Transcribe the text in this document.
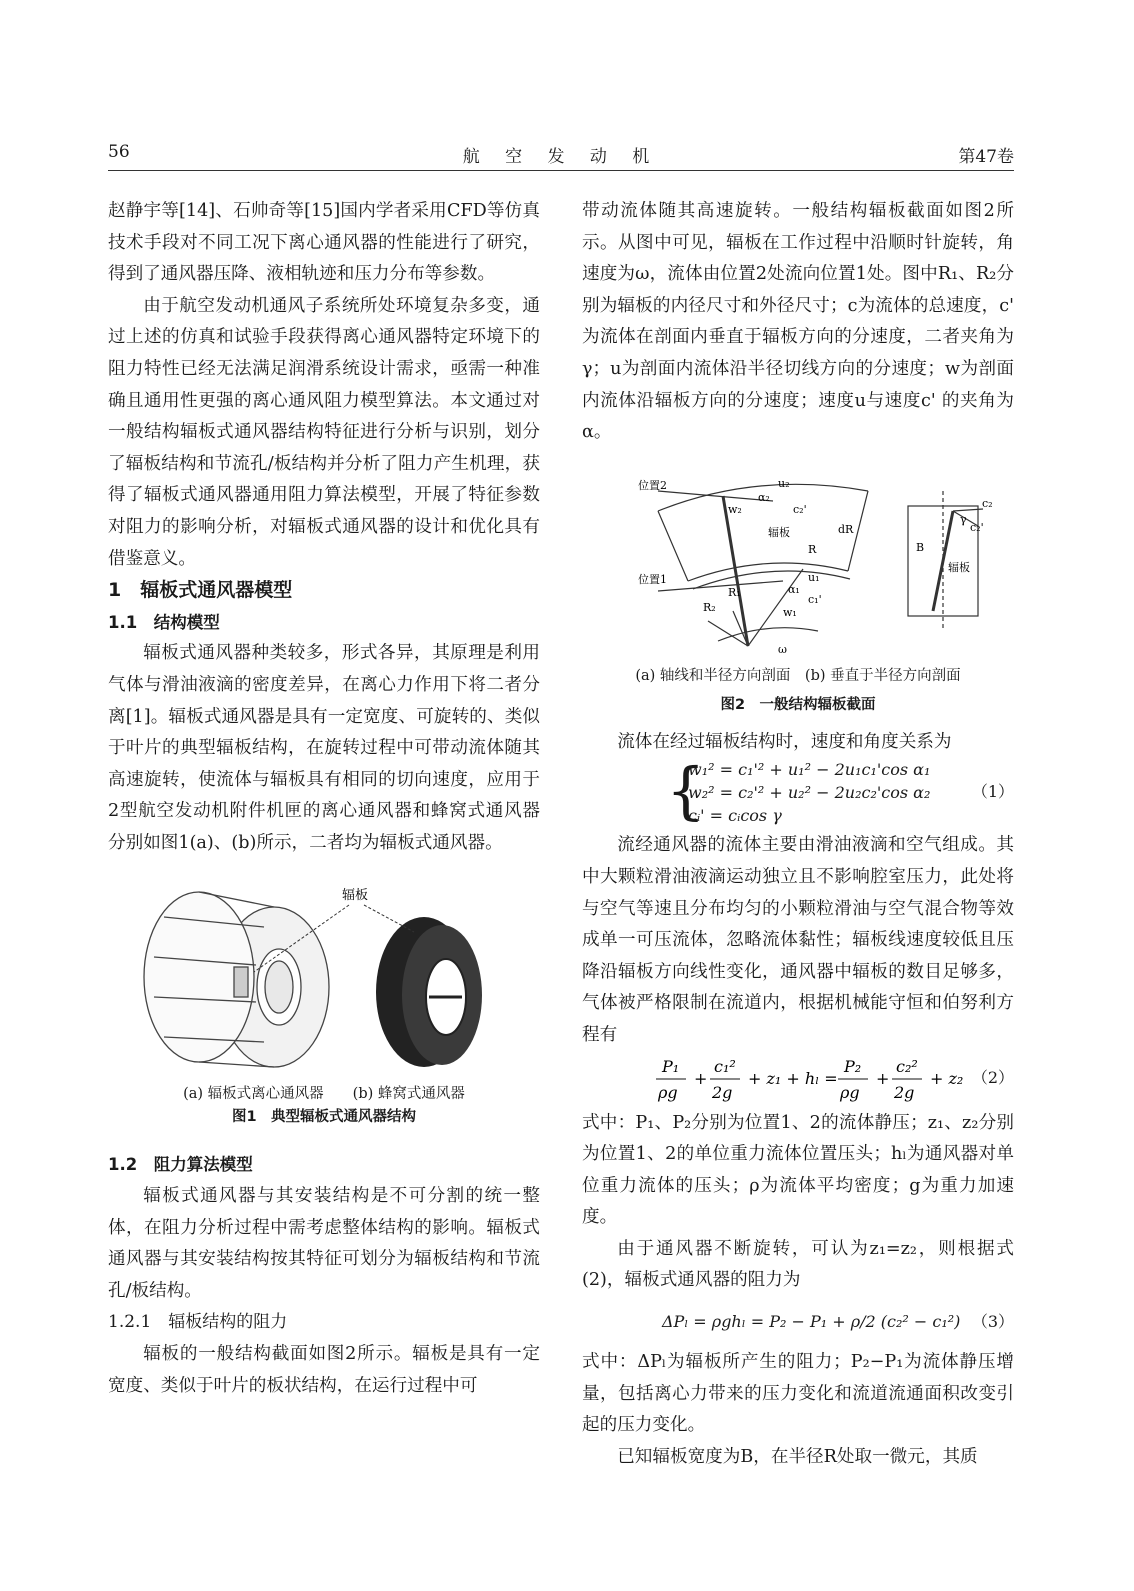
56	航 空 发 动 机	第47卷

赵静宇等[14]、石帅奇等[15]国内学者采用CFD等仿真技术手段对不同工况下离心通风器的性能进行了研究，得到了通风器压降、液相轨迹和压力分布等参数。

由于航空发动机通风子系统所处环境复杂多变，通过上述的仿真和试验手段获得离心通风器特定环境下的阻力特性已经无法满足润滑系统设计需求，亟需一种准确且通用性更强的离心通风阻力模型算法。本文通过对一般结构辐板式通风器结构特征进行分析与识别，划分了辐板结构和节流孔/板结构并分析了阻力产生机理，获得了辐板式通风器通用阻力算法模型，开展了特征参数对阻力的影响分析，对辐板式通风器的设计和优化具有借鉴意义。

1　辐板式通风器模型

1.1　结构模型

辐板式通风器种类较多，形式各异，其原理是利用气体与滑油液滴的密度差异，在离心力作用下将二者分离[1]。辐板式通风器是具有一定宽度、可旋转的、类似于叶片的典型辐板结构，在旋转过程中可带动流体随其高速旋转，使流体与辐板具有相同的切向速度，应用于2型航空发动机附件机匣的离心通风器和蜂窝式通风器分别如图1(a)、(b)所示，二者均为辐板式通风器。

辐板
(a) 辐板式离心通风器　　(b) 蜂窝式通风器
图1　典型辐板式通风器结构

1.2　阻力算法模型

辐板式通风器与其安装结构是不可分割的统一整体，在阻力分析过程中需考虑整体结构的影响。辐板式通风器与其安装结构按其特征可划分为辐板结构和节流孔/板结构。

1.2.1　辐板结构的阻力

辐板的一般结构截面如图2所示。辐板是具有一定宽度、类似于叶片的板状结构，在运行过程中可

带动流体随其高速旋转。一般结构辐板截面如图2所示。从图中可见，辐板在工作过程中沿顺时针旋转，角速度为ω，流体由位置2处流向位置1处。图中R₁、R₂分别为辐板的内径尺寸和外径尺寸；c为流体的总速度，c' 为流体在剖面内垂直于辐板方向的分速度，二者夹角为γ；u为剖面内流体沿半径切线方向的分速度；w为剖面内流体沿辐板方向的分速度；速度u与速度c' 的夹角为α。

位置2
位置1
u₂
α₂
c₂'
w₂
辐板	dR
R
u₁
α₁
c₁'
w₁
R₁
R₂
ω
B
c₂
γ
c₂'
辐板
(a) 轴线和半径方向剖面　(b) 垂直于半径方向剖面
图2　一般结构辐板截面

流体在经过辐板结构时，速度和角度关系为

{
w₁² = c₁'² + u₁² − 2u₁c₁'cos α₁
w₂² = c₂'² + u₂² − 2u₂c₂'cos α₂
cᵢ' = cᵢcos γ
（1）

流经通风器的流体主要由滑油液滴和空气组成。其中大颗粒滑油液滴运动独立且不影响腔室压力，此处将与空气等速且分布均匀的小颗粒滑油与空气混合物等效成单一可压流体，忽略流体黏性；辐板线速度较低且压降沿辐板方向线性变化，通风器中辐板的数目足够多，气体被严格限制在流道内，根据机械能守恒和伯努利方程有

P₁
ρg
+
c₁²
2g
+ z₁ + hₗ =
P₂
ρg
+
c₂²
2g
+ z₂ （2）

式中：P₁、P₂分别为位置1、2的流体静压；z₁、z₂分别为位置1、2的单位重力流体位置压头；hₗ为通风器对单位重力流体的压头；ρ为流体平均密度；g为重力加速度。

由于通风器不断旋转，可认为z₁=z₂，则根据式(2)，辐板式通风器的阻力为

ΔPₗ = ρghₗ = P₂ − P₁ + ρ/2 (c₂² − c₁²) （3）

式中：ΔPₗ为辐板所产生的阻力；P₂−P₁为流体静压增量，包括离心力带来的压力变化和流道流通面积改变引起的压力变化。

已知辐板宽度为B，在半径R处取一微元，其质
